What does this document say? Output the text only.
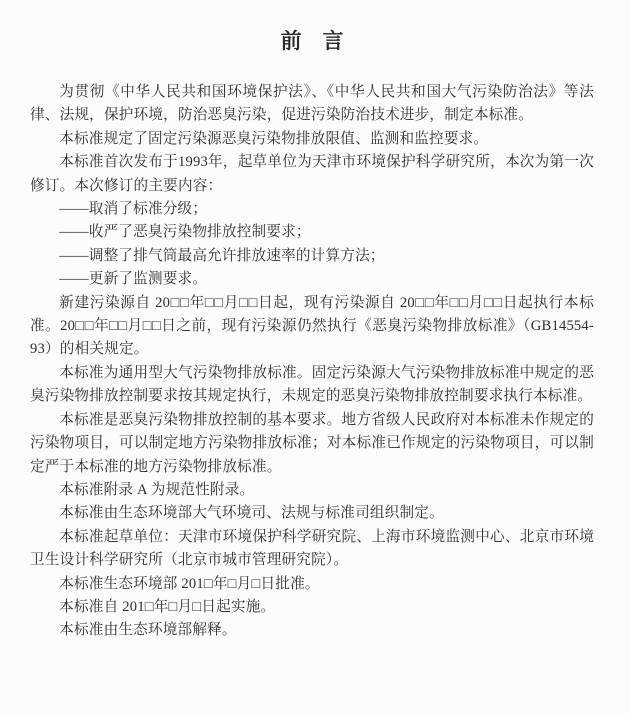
前　言

为贯彻《中华人民共和国环境保护法》、《中华人民共和国大气污染防治法》等法律、法规，保护环境，防治恶臭污染，促进污染防治技术进步，制定本标准。

本标准规定了固定污染源恶臭污染物排放限值、监测和监控要求。

本标准首次发布于1993年，起草单位为天津市环境保护科学研究所，本次为第一次修订。本次修订的主要内容：

——取消了标准分级；

——收严了恶臭污染物排放控制要求；

——调整了排气筒最高允许排放速率的计算方法；

——更新了监测要求。

新建污染源自 20□□年□□月□□日起，现有污染源自 20□□年□□月□□日起执行本标准。20□□年□□月□□日之前，现有污染源仍然执行《恶臭污染物排放标准》（GB14554-93）的相关规定。

本标准为通用型大气污染物排放标准。固定污染源大气污染物排放标准中规定的恶臭污染物排放控制要求按其规定执行，未规定的恶臭污染物排放控制要求执行本标准。

本标准是恶臭污染物排放控制的基本要求。地方省级人民政府对本标准未作规定的污染物项目，可以制定地方污染物排放标准；对本标准已作规定的污染物项目，可以制定严于本标准的地方污染物排放标准。

本标准附录 A 为规范性附录。

本标准由生态环境部大气环境司、法规与标准司组织制定。

本标准起草单位：天津市环境保护科学研究院、上海市环境监测中心、北京市环境卫生设计科学研究所（北京市城市管理研究院）。

本标准生态环境部 201□年□月□日批准。

本标准自 201□年□月□日起实施。

本标准由生态环境部解释。
